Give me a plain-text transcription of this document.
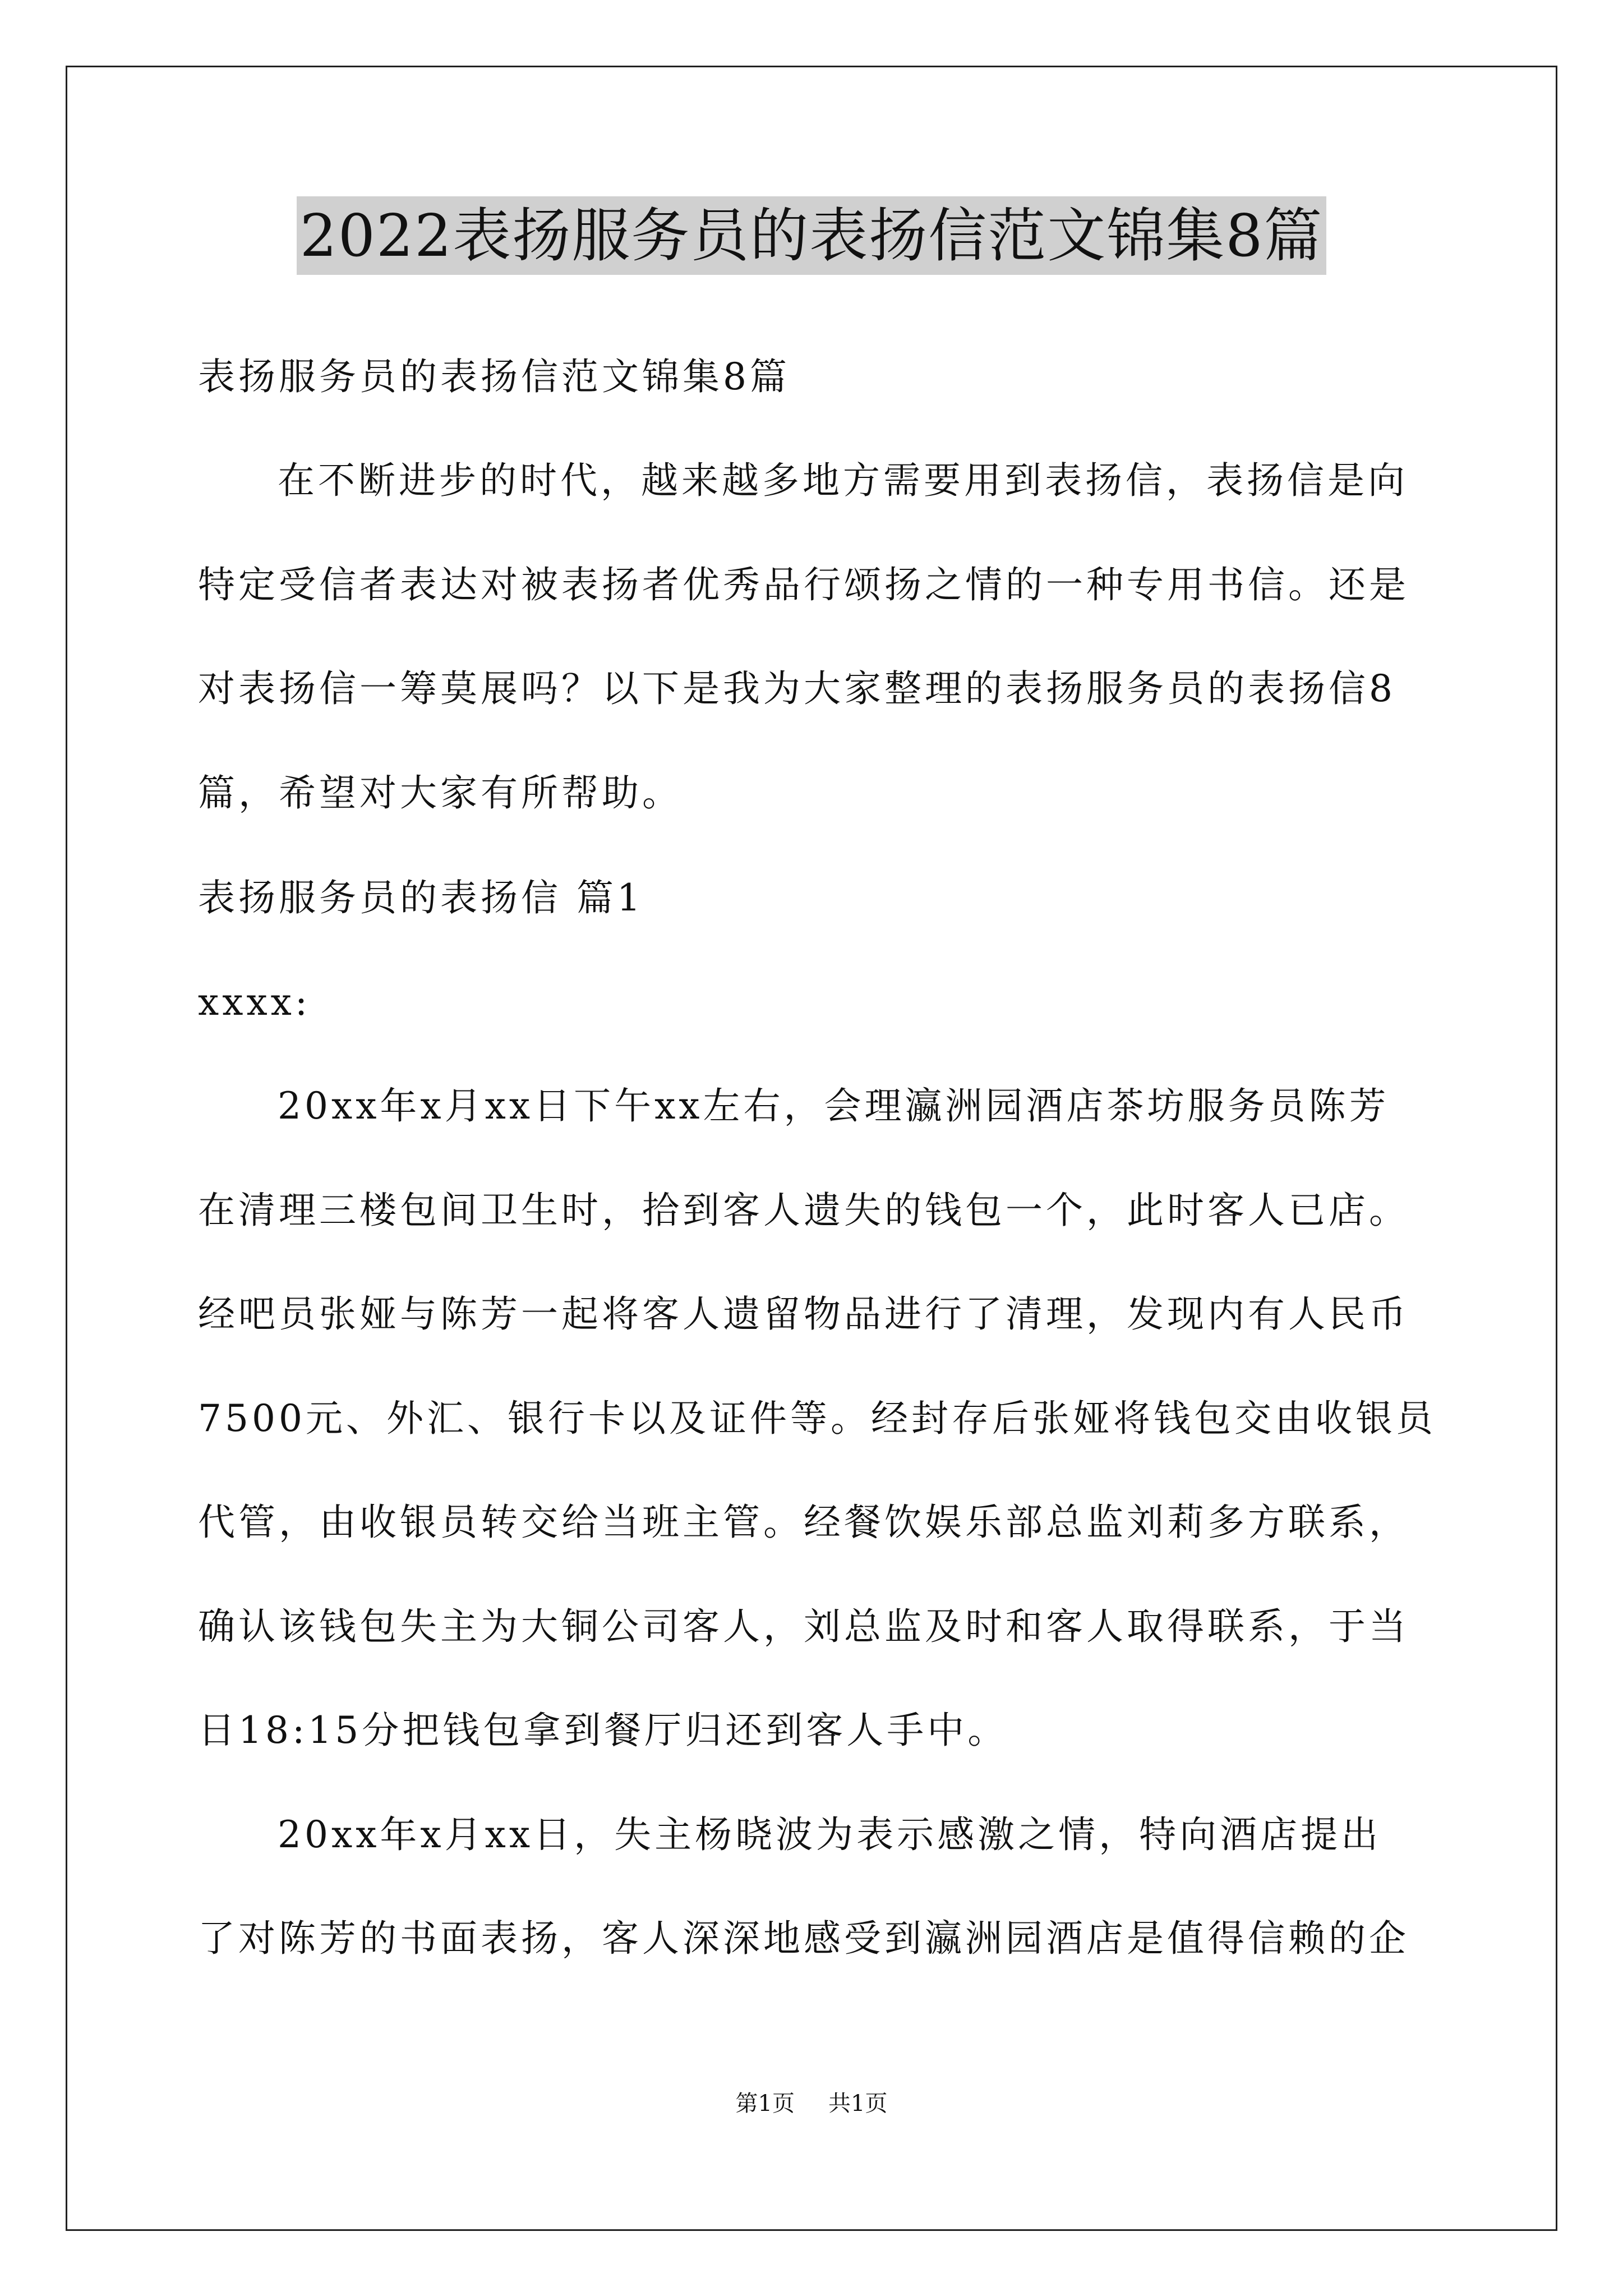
2022表扬服务员的表扬信范文锦集8篇
表扬服务员的表扬信范文锦集8篇
在不断进步的时代，越来越多地方需要用到表扬信，表扬信是向
特定受信者表达对被表扬者优秀品行颂扬之情的一种专用书信。还是
对表扬信一筹莫展吗？以下是我为大家整理的表扬服务员的表扬信8
篇，希望对大家有所帮助。
表扬服务员的表扬信 篇1
xxxx:
20xx年x月xx日下午xx左右，会理瀛洲园酒店茶坊服务员陈芳
在清理三楼包间卫生时，拾到客人遗失的钱包一个，此时客人已店。
经吧员张娅与陈芳一起将客人遗留物品进行了清理，发现内有人民币
7500元、外汇、银行卡以及证件等。经封存后张娅将钱包交由收银员
代管，由收银员转交给当班主管。经餐饮娱乐部总监刘莉多方联系，
确认该钱包失主为大铜公司客人，刘总监及时和客人取得联系，于当
日18:15分把钱包拿到餐厅归还到客人手中。
20xx年x月xx日，失主杨晓波为表示感激之情，特向酒店提出
了对陈芳的书面表扬，客人深深地感受到瀛洲园酒店是值得信赖的企
第1页 共1页
